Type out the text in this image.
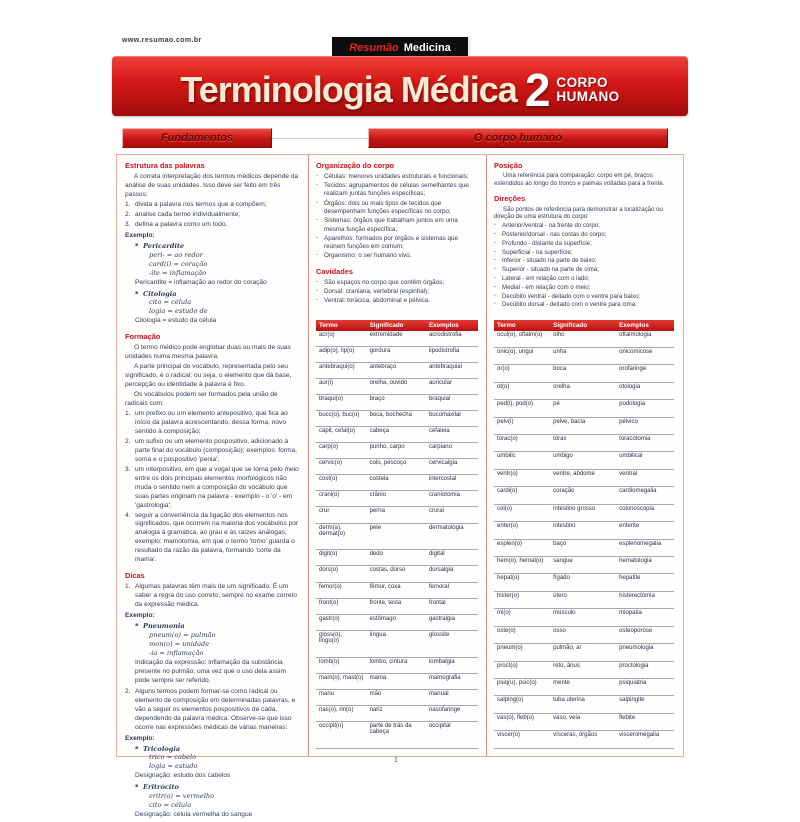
www.resumao.com.br
Resumão Medicina
Terminologia Médica 2 CORPO
HUMANO
Fundamentos	O corpo humano
Estrutura das palavras
A correta interpretação dos termos médicos depende da análise de suas unidades. Isso deve ser feito em três passos:
1. divida a palavra nos termos que a compõem;
2. analise cada termo individualmente;
3. defina a palavra como um todo.
Exemplo:
▪ Pericardite
peri- = ao redor
card(i) = coração
-ite = inflamação
Pericardite = inflamação ao redor do coração
▪ Citologia
cito = célula
logia = estudo de
Citologia = estudo da célula
Formação
O termo médico pode englobar duas ou mais de suas unidades numa mesma palavra.
A parte principal do vocábulo, representada pelo seu significado, é o radical; ou seja, o elemento que dá base, percepção ou identidade à palavra é fixo.
Os vocábulos podem ser formados pela união de radicais com:
1. um prefixo ou um elemento antepositivo, que fica ao início da palavra acrescentando, dessa forma, novo sentido à composição;
2. um sufixo ou um elemento pospositivo, adicionado à parte final do vocábulo (composição); exemplos: forma, soma e o pospositivo 'penia';
3. um interpositivo, em que a vogal que se torna pelo meio entre os dois principais elementos morfológicos não muda o sentido nem a composição do vocábulo que suas partes originam na palavra - exemplo - o 'o' - em 'gastrologia';
4. seguir a conveniência da ligação dos elementos nos significados, que ocorrem na maioria dos vocábulos por analogia à gramática, ao grau e às raízes análogas; exemplo: mamotomia, em que o termo 'tomo' guarda o resultado da razão da palavra, formando 'corte da mama'.
Dicas
1. Algumas palavras têm mais de um significado. É um saber a regra do uso correto, sempre no exame correto da expressão médica.
Exemplo:
▪ Pneumonia
pneum(o) = pulmão
mon(o) = unidade
-ia = inflamação
Indicação da expressão: inflamação da substância presente no pulmão; uma vez que o uso dela assim pode sempre ser referido.
2. Alguns termos podem formar-se como radical ou elemento de composição em determinadas palavras, e vão a seguir os elementos pospositivos de cada, dependendo da palavra médica. Observe-se que isso ocorre nas expressões médicas de várias maneiras:
Exemplo:
▪ Tricologia
trico = cabelo
logia = estudo
Designação: estudo dos cabelos
▪ Eritrócito
eritr(o) = vermelho
cito = célula
Designação: célula vermelha do sangue
Organização do corpo
▪ Células: menores unidades estruturais e funcionais;
▪ Tecidos: agrupamentos de células semelhantes que realizam juntas funções específicas;
▪ Órgãos: dois ou mais tipos de tecidos que desempenham funções específicas no corpo;
▪ Sistemas: órgãos que trabalham juntos em uma mesma função específica;
▪ Aparelhos: formados por órgãos e sistemas que reúnem funções em comum;
▪ Organismo: o ser humano vivo.
Cavidades
▪ São espaços no corpo que contêm órgãos;
▪ Dorsal: craniana, vertebral (espinhal);
▪ Ventral: torácica, abdominal e pélvica.
Posição
Uma referência para comparação: corpo em pé, braços estendidos ao longo do tronco e palmas voltadas para a frente.
Direções
São pontos de referência para demonstrar a localização ou direção de uma estrutura do corpo:
▪ Anterior/ventral - na frente do corpo;
▪ Posterior/dorsal - nas costas do corpo;
▪ Profundo - distante da superfície;
▪ Superficial - na superfície;
▪ Inferior - situado na parte de baixo;
▪ Superior - situado na parte de cima;
▪ Lateral - em relação com o lado;
▪ Medial - em relação com o meio;
▪ Decúbito ventral - deitado com o ventre para baixo;
▪ Decúbito dorsal - deitado com o ventre para cima.
Termo	Significado	Exemplos
acr(o)	extremidade	acrodistrofia
adip(o), lip(o)	gordura	lipodistrofia
antebraqui(o)	antebraço	antebraquial
aur(i)	orelha, ouvido	auricular
braqui(o)	braço	braquial
bucc(o), buc(o)	boca, bochecha	bucomaxilar
capit, cefal(o)	cabeça	cefaleia
carp(o)	punho, carpo	carpiano
cervic(o)	colo, pescoço	cervicalgia
cost(o)	costela	intercostal
crani(o)	crânio	craniotomia
crur	perna	crural
derm(a), dermat(o)	pele	dermatologia
digit(o)	dedo	digital
dors(o)	costas, dorso	dorsalgia
femor(o)	fêmur, coxa	femoral
front(o)	fronte, testa	frontal
gastr(o)	estômago	gastralgia
gloss(o), lingu(o)	língua	glossite
lomb(o)	lombo, cintura	lombalgia
mam(o), mast(o)	mama	mamografia
manu	mão	manual
nas(o), rin(o)	nariz	nasofaringe
occipit(o)	parte de trás da cabeça	occipital
Termo	Significado	Exemplos
ocul(o), oftalm(o)	olho	oftalmologia
onic(o), ungui	unha	onicomicose
or(o)	boca	orofaringe
ot(o)	orelha	otologia
ped(i), pod(o)	pé	podologia
pelv(i)	pelve, bacia	pélvico
torac(o)	tórax	toracotomia
umbilic	umbigo	umbilical
ventr(o)	ventre, abdome	ventral
cardi(o)	coração	cardiomegalia
col(o)	intestino grosso	colonoscopia
enter(o)	intestino	enterite
esplen(o)	baço	esplenomegalia
hem(o), hemat(o)	sangue	hematologia
hepat(o)	fígado	hepatite
hister(o)	útero	histerectomia
mi(o)	músculo	miopatia
oste(o)	osso	osteoporose
pneum(o)	pulmão, ar	pneumologia
proct(o)	reto, ânus	proctologia
psiq(u), psic(o)	mente	psiquiatria
salping(o)	tuba uterina	salpingite
vas(o), fleb(o)	vaso, veia	flebite
viscer(o)	vísceras, órgãos	visceromegalia
1
